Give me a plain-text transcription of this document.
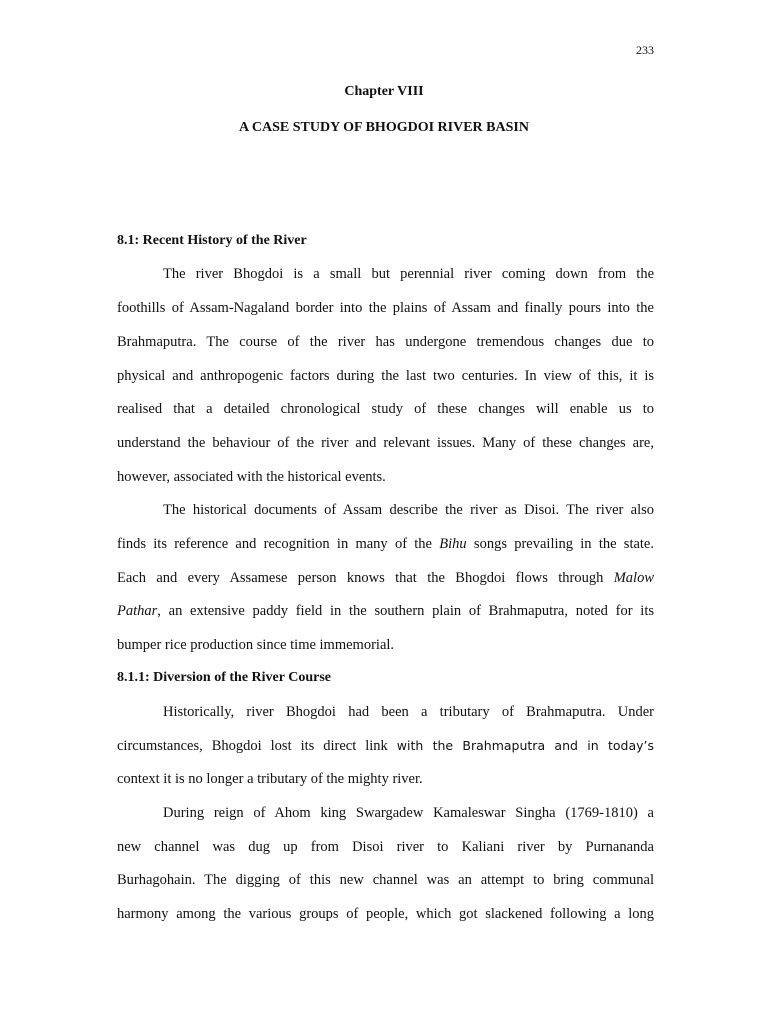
233
Chapter VIII
A CASE STUDY OF BHOGDOI RIVER BASIN
8.1: Recent History of the River
The river Bhogdoi is a small but perennial river coming down from the
foothills of Assam-Nagaland border into the plains of Assam and finally pours into the
Brahmaputra. The course of the river has undergone tremendous changes due to
physical and anthropogenic factors during the last two centuries. In view of this, it is
realised that a detailed chronological study of these changes will enable us to
understand the behaviour of the river and relevant issues. Many of these changes are,
however, associated with the historical events.
The historical documents of Assam describe the river as Disoi. The river also
finds its reference and recognition in many of the Bihu songs prevailing in the state.
Each and every Assamese person knows that the Bhogdoi flows through Malow
Pathar, an extensive paddy field in the southern plain of Brahmaputra, noted for its
bumper rice production since time immemorial.
8.1.1: Diversion of the River Course
Historically, river Bhogdoi had been a tributary of Brahmaputra. Under
circumstances, Bhogdoi lost its direct link with the Brahmaputra and in today’s
context it is no longer a tributary of the mighty river.
During reign of Ahom king Swargadew Kamaleswar Singha (1769-1810) a
new channel was dug up from Disoi river to Kaliani river by Purnananda
Burhagohain. The digging of this new channel was an attempt to bring communal
harmony among the various groups of people, which got slackened following a long
